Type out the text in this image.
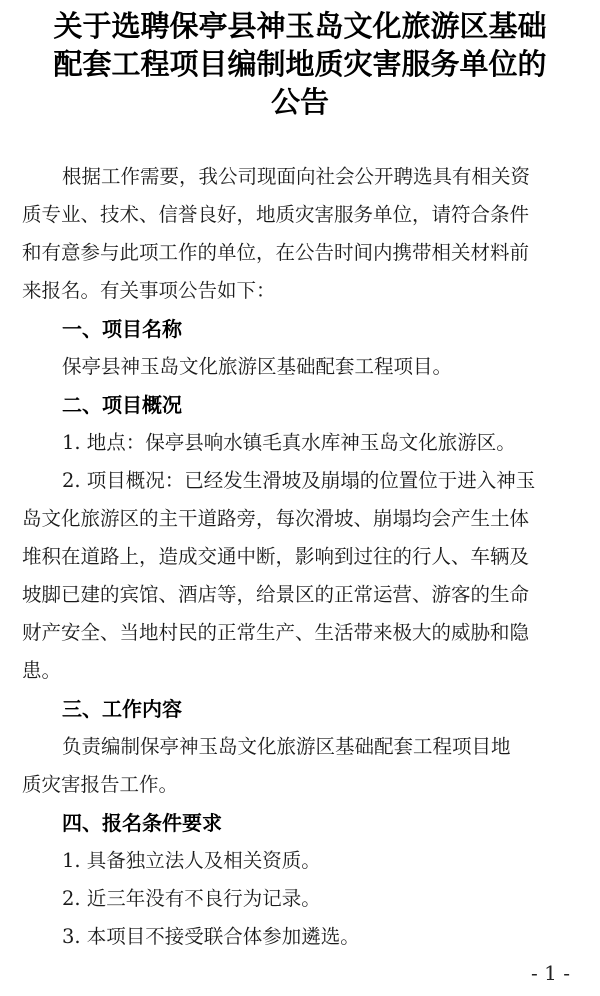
关于选聘保亭县神玉岛文化旅游区基础
配套工程项目编制地质灾害服务单位的
公告
根据工作需要，我公司现面向社会公开聘选具有相关资
质专业、技术、信誉良好，地质灾害服务单位，请符合条件
和有意参与此项工作的单位，在公告时间内携带相关材料前
来报名。有关事项公告如下：
一、项目名称
保亭县神玉岛文化旅游区基础配套工程项目。
二、项目概况
1. 地点：保亭县响水镇毛真水库神玉岛文化旅游区。
2. 项目概况：已经发生滑坡及崩塌的位置位于进入神玉
岛文化旅游区的主干道路旁，每次滑坡、崩塌均会产生土体
堆积在道路上，造成交通中断，影响到过往的行人、车辆及
坡脚已建的宾馆、酒店等，给景区的正常运营、游客的生命
财产安全、当地村民的正常生产、生活带来极大的威胁和隐
患。
三、工作内容
负责编制保亭神玉岛文化旅游区基础配套工程项目地
质灾害报告工作。
四、报名条件要求
1. 具备独立法人及相关资质。
2. 近三年没有不良行为记录。
3. 本项目不接受联合体参加遴选。
- 1 -
